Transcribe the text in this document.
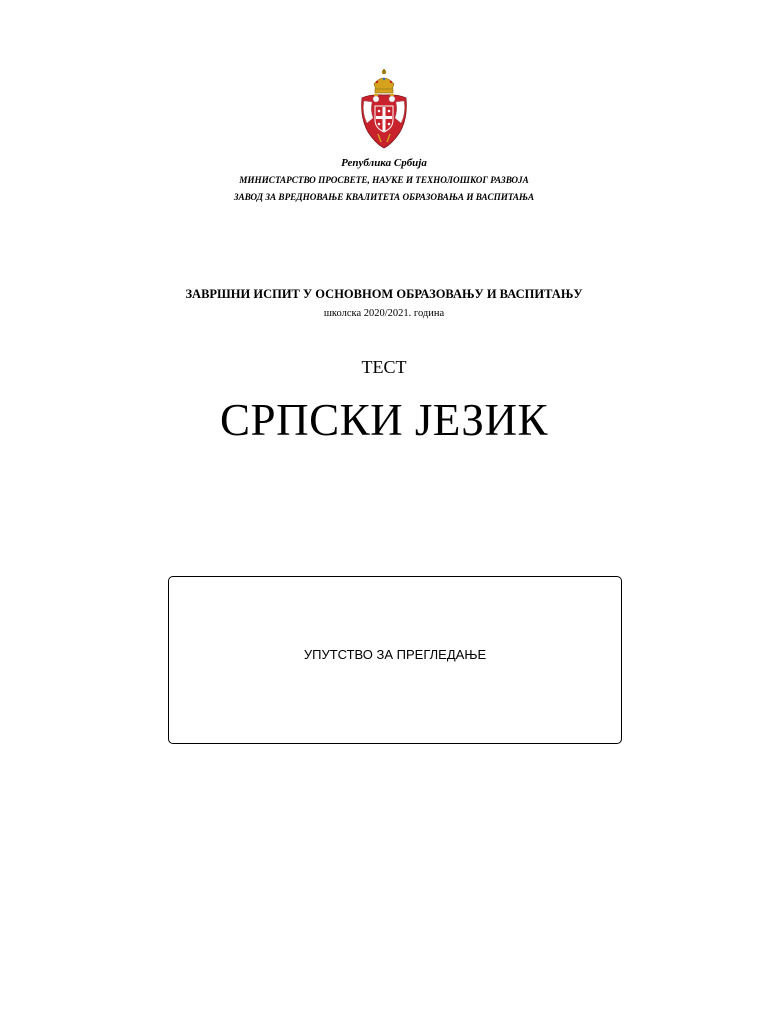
Република Србија
МИНИСТАРСТВО ПРОСВЕТЕ, НАУКЕ И ТЕХНОЛОШКОГ РАЗВОЈА
ЗАВОД ЗА ВРЕДНОВАЊЕ КВАЛИТЕТА ОБРАЗОВАЊА И ВАСПИТАЊА
ЗАВРШНИ ИСПИТ У ОСНОВНОМ ОБРАЗОВАЊУ И ВАСПИТАЊУ
школска 2020/2021. година
ТЕСТ
СРПСКИ ЈЕЗИК
УПУТСТВО ЗА ПРЕГЛЕДАЊЕ
